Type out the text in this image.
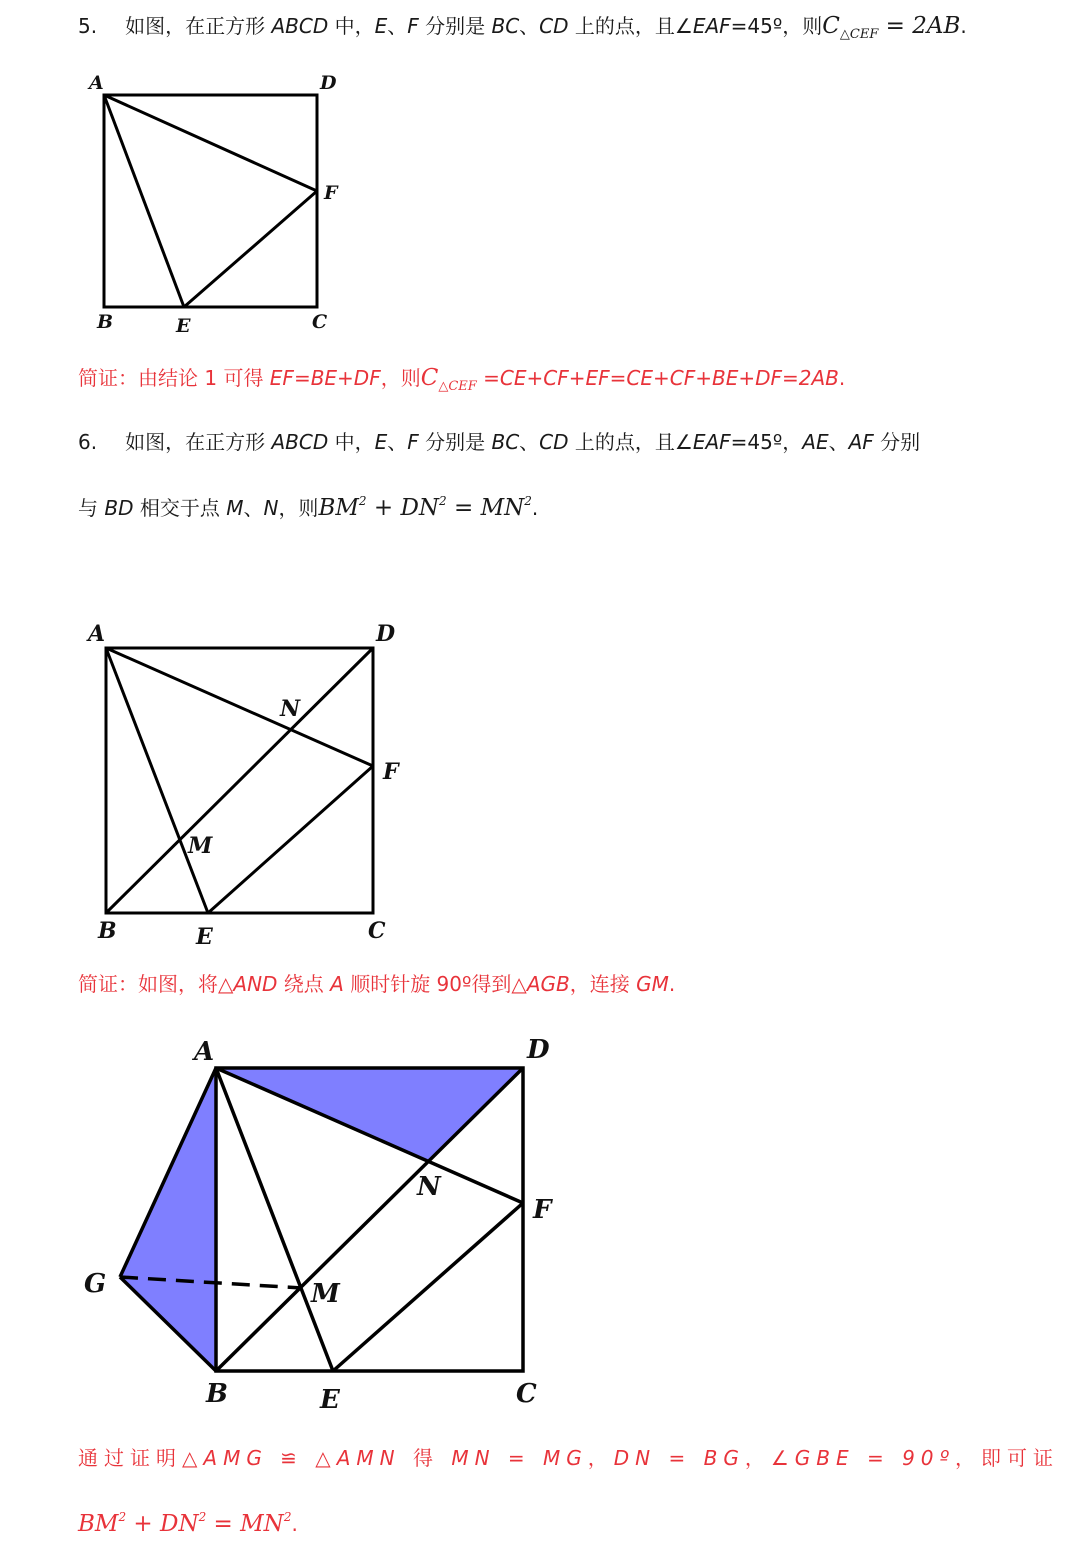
5. 如图，在正方形 ABCD 中，E、F 分别是 BC、CD 上的点，且∠EAF=45º，则$C_{\triangle CEF} = 2AB$.
A	D
F
B	E	C
简证：由结论 1 可得 EF=BE+DF，则$C_{\triangle CEF} =CE+CF+EF=CE+CF+BE+DF=2AB$.
6. 如图，在正方形 ABCD 中，E、F 分别是 BC、CD 上的点，且∠EAF=45º，AE、AF 分别
与 BD 相交于点 M、N，则$BM^2 + DN^2 = MN^2$.
A	D
N
F
M
B	E	C
简证：如图，将△AND 绕点 A 顺时针旋 90º得到△AGB，连接 GM.
A	D
N
F
G	M
B	E	C
通过证明△AMG ≌ △AMN 得 MN = MG，DN = BG，∠GBE = 90º，即可证
$BM^2 + DN^2 = MN^2$.
